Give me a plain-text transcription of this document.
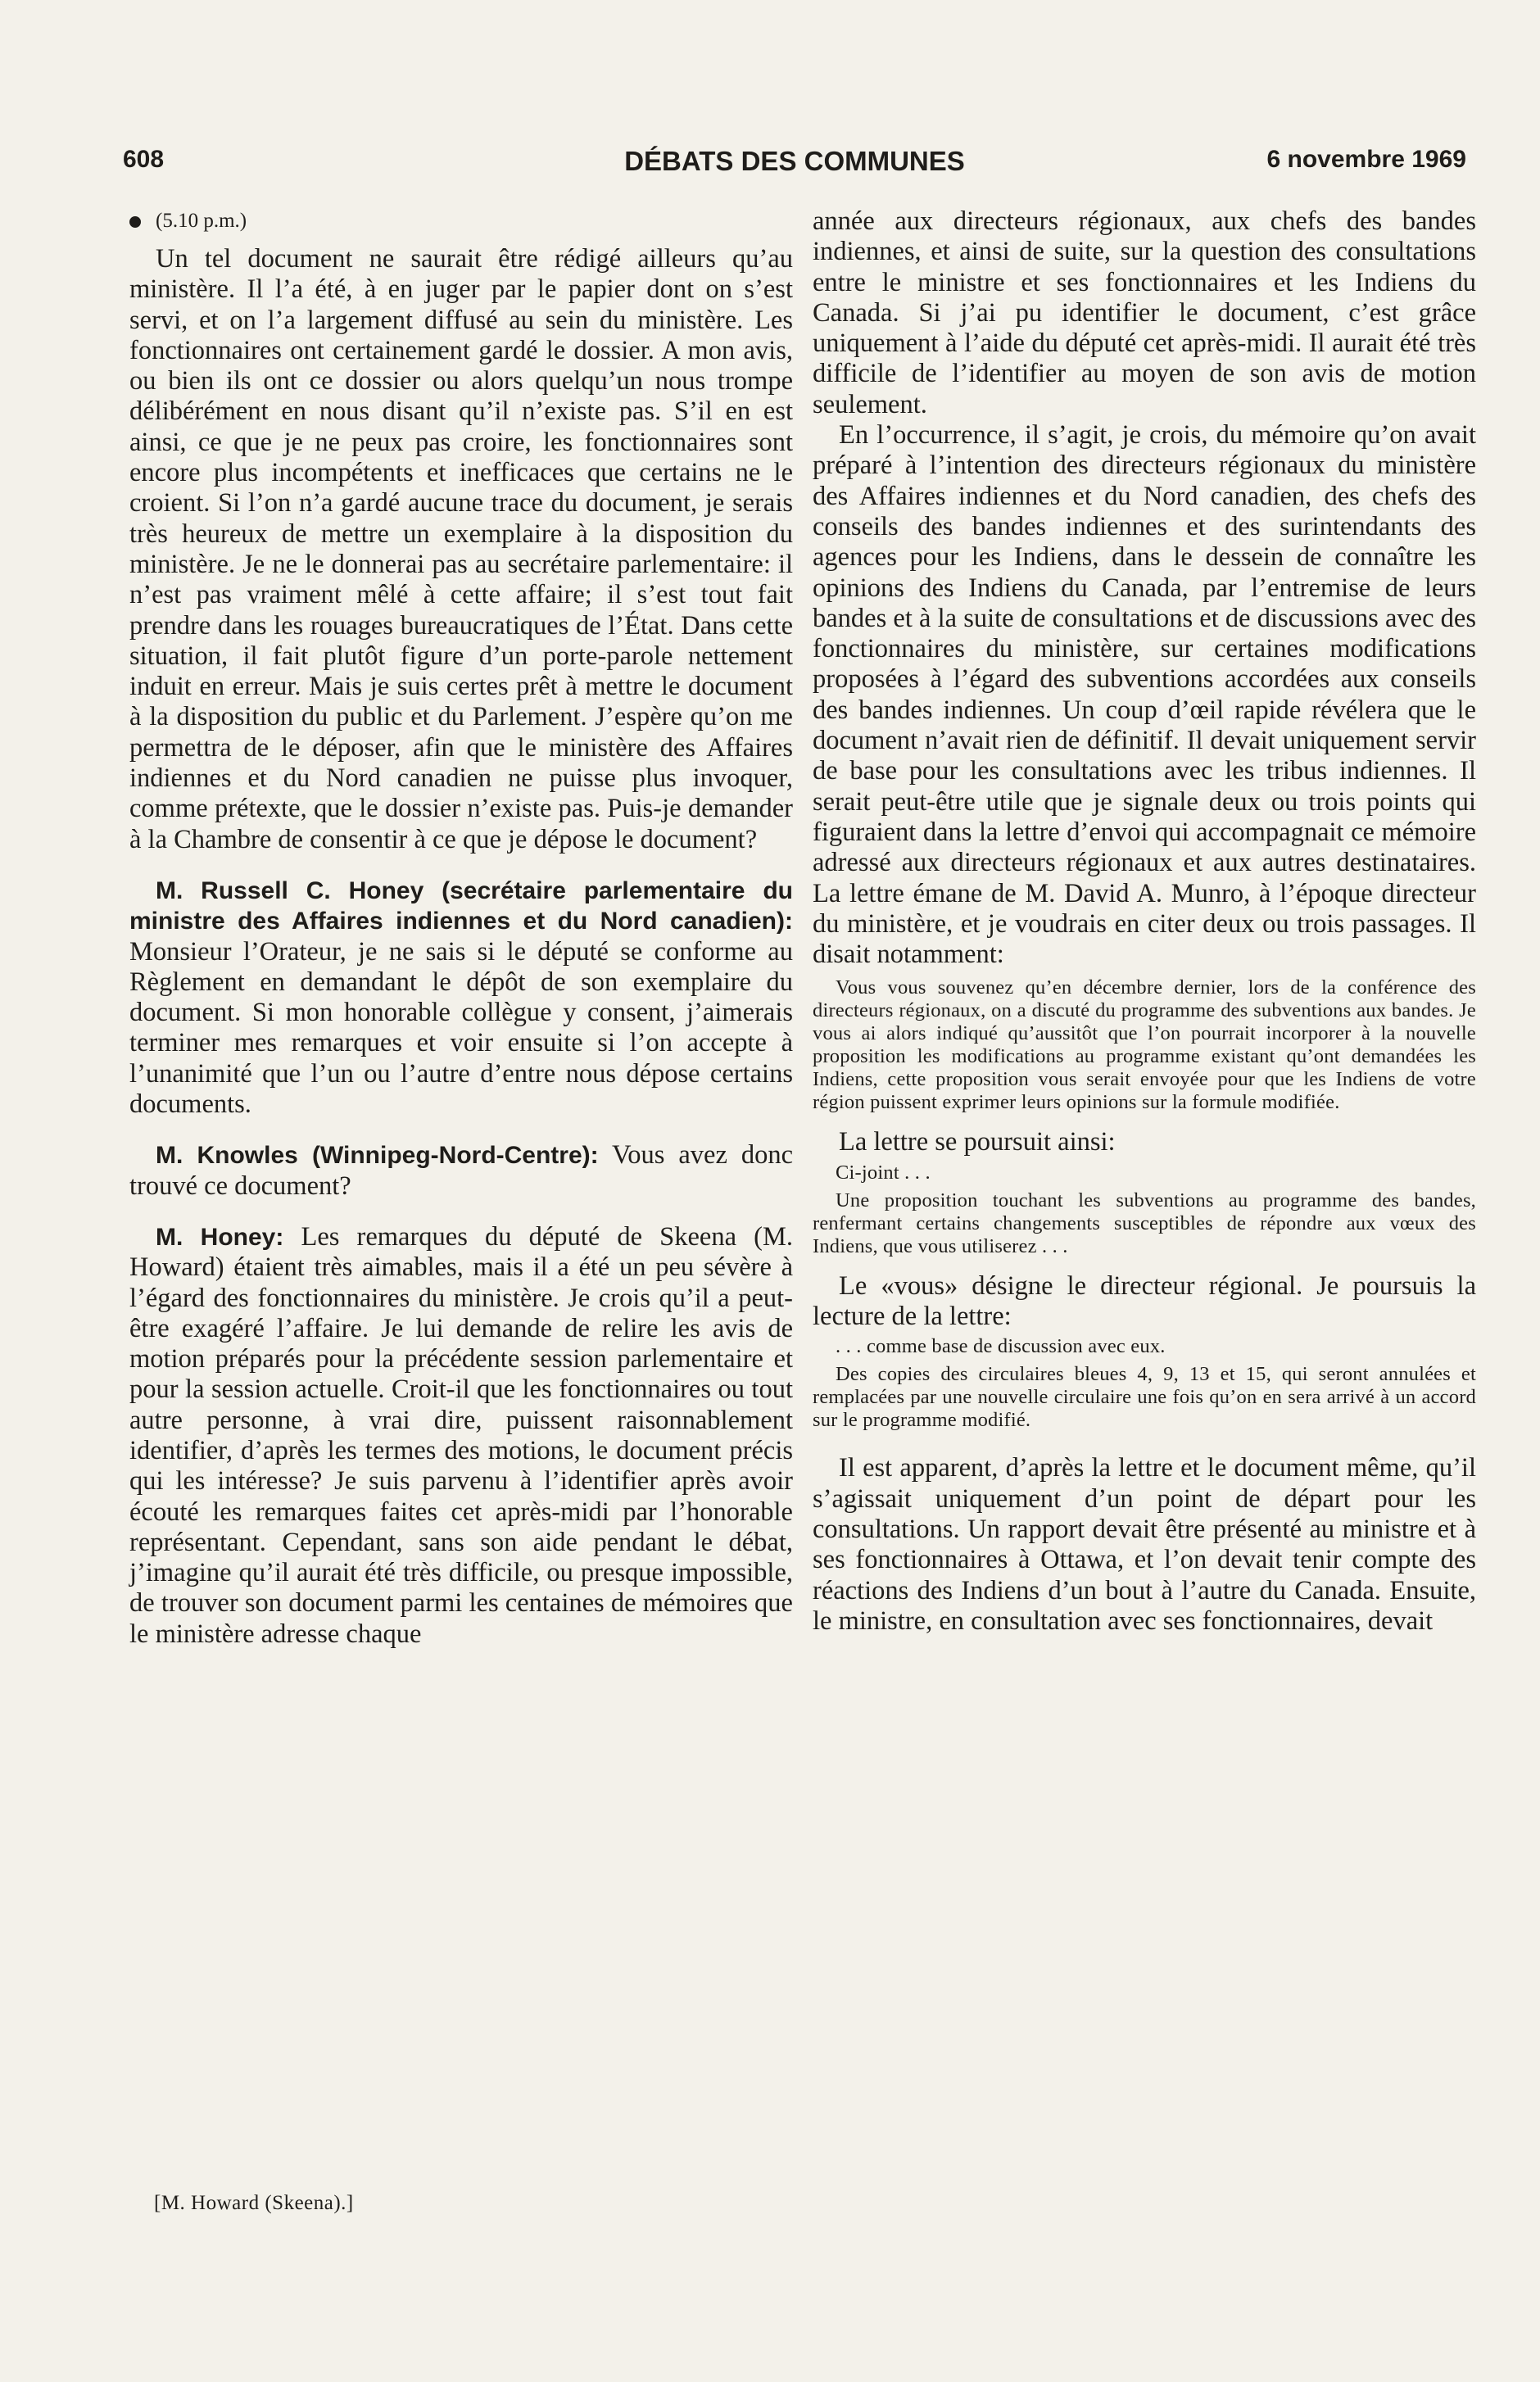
608	DÉBATS DES COMMUNES	6 novembre 1969
(5.10 p.m.)

Un tel document ne saurait être rédigé ailleurs qu’au ministère. Il l’a été, à en juger par le papier dont on s’est servi, et on l’a largement diffusé au sein du ministère. Les fonctionnaires ont certainement gardé le dossier. A mon avis, ou bien ils ont ce dossier ou alors quelqu’un nous trompe délibérément en nous disant qu’il n’existe pas. S’il en est ainsi, ce que je ne peux pas croire, les fonctionnaires sont encore plus incompétents et inefficaces que certains ne le croient. Si l’on n’a gardé aucune trace du document, je serais très heureux de mettre un exemplaire à la disposition du ministère. Je ne le donnerai pas au secrétaire parlementaire: il n’est pas vraiment mêlé à cette affaire; il s’est tout fait prendre dans les rouages bureaucratiques de l’État. Dans cette situation, il fait plutôt figure d’un porte-parole nettement induit en erreur. Mais je suis certes prêt à mettre le document à la disposition du public et du Parlement. J’espère qu’on me permettra de le déposer, afin que le ministère des Affaires indiennes et du Nord canadien ne puisse plus invoquer, comme prétexte, que le dossier n’existe pas. Puis-je demander à la Chambre de consentir à ce que je dépose le document?

M. Russell C. Honey (secrétaire parlementaire du ministre des Affaires indiennes et du Nord canadien): Monsieur l’Orateur, je ne sais si le député se conforme au Règlement en demandant le dépôt de son exemplaire du document. Si mon honorable collègue y consent, j’aimerais terminer mes remarques et voir ensuite si l’on accepte à l’unanimité que l’un ou l’autre d’entre nous dépose certains documents.

M. Knowles (Winnipeg-Nord-Centre): Vous avez donc trouvé ce document?

M. Honey: Les remarques du député de Skeena (M. Howard) étaient très aimables, mais il a été un peu sévère à l’égard des fonctionnaires du ministère. Je crois qu’il a peut-être exagéré l’affaire. Je lui demande de relire les avis de motion préparés pour la précédente session parlementaire et pour la session actuelle. Croit-il que les fonctionnaires ou tout autre personne, à vrai dire, puissent raisonnablement identifier, d’après les termes des motions, le document précis qui les intéresse? Je suis parvenu à l’identifier après avoir écouté les remarques faites cet après-midi par l’honorable représentant. Cependant, sans son aide pendant le débat, j’imagine qu’il aurait été très difficile, ou presque impossible, de trouver son document parmi les centaines de mémoires que le ministère adresse chaque

année aux directeurs régionaux, aux chefs des bandes indiennes, et ainsi de suite, sur la question des consultations entre le ministre et ses fonctionnaires et les Indiens du Canada. Si j’ai pu identifier le document, c’est grâce uniquement à l’aide du député cet après-midi. Il aurait été très difficile de l’identifier au moyen de son avis de motion seulement.

En l’occurrence, il s’agit, je crois, du mémoire qu’on avait préparé à l’intention des directeurs régionaux du ministère des Affaires indiennes et du Nord canadien, des chefs des conseils des bandes indiennes et des surintendants des agences pour les Indiens, dans le dessein de connaître les opinions des Indiens du Canada, par l’entremise de leurs bandes et à la suite de consultations et de discussions avec des fonctionnaires du ministère, sur certaines modifications proposées à l’égard des subventions accordées aux conseils des bandes indiennes. Un coup d’œil rapide révélera que le document n’avait rien de définitif. Il devait uniquement servir de base pour les consultations avec les tribus indiennes. Il serait peut-être utile que je signale deux ou trois points qui figuraient dans la lettre d’envoi qui accompagnait ce mémoire adressé aux directeurs régionaux et aux autres destinataires. La lettre émane de M. David A. Munro, à l’époque directeur du ministère, et je voudrais en citer deux ou trois passages. Il disait notamment:

Vous vous souvenez qu’en décembre dernier, lors de la conférence des directeurs régionaux, on a discuté du programme des subventions aux bandes. Je vous ai alors indiqué qu’aussitôt que l’on pourrait incorporer à la nouvelle proposition les modifications au programme existant qu’ont demandées les Indiens, cette proposition vous serait envoyée pour que les Indiens de votre région puissent exprimer leurs opinions sur la formule modifiée.

La lettre se poursuit ainsi:

Ci-joint . . .

Une proposition touchant les subventions au programme des bandes, renfermant certains changements susceptibles de répondre aux vœux des Indiens, que vous utiliserez . . .

Le «vous» désigne le directeur régional. Je poursuis la lecture de la lettre:

. . . comme base de discussion avec eux.

Des copies des circulaires bleues 4, 9, 13 et 15, qui seront annulées et remplacées par une nouvelle circulaire une fois qu’on en sera arrivé à un accord sur le programme modifié.

Il est apparent, d’après la lettre et le document même, qu’il s’agissait uniquement d’un point de départ pour les consultations. Un rapport devait être présenté au ministre et à ses fonctionnaires à Ottawa, et l’on devait tenir compte des réactions des Indiens d’un bout à l’autre du Canada. Ensuite, le ministre, en consultation avec ses fonctionnaires, devait

[M. Howard (Skeena).]
